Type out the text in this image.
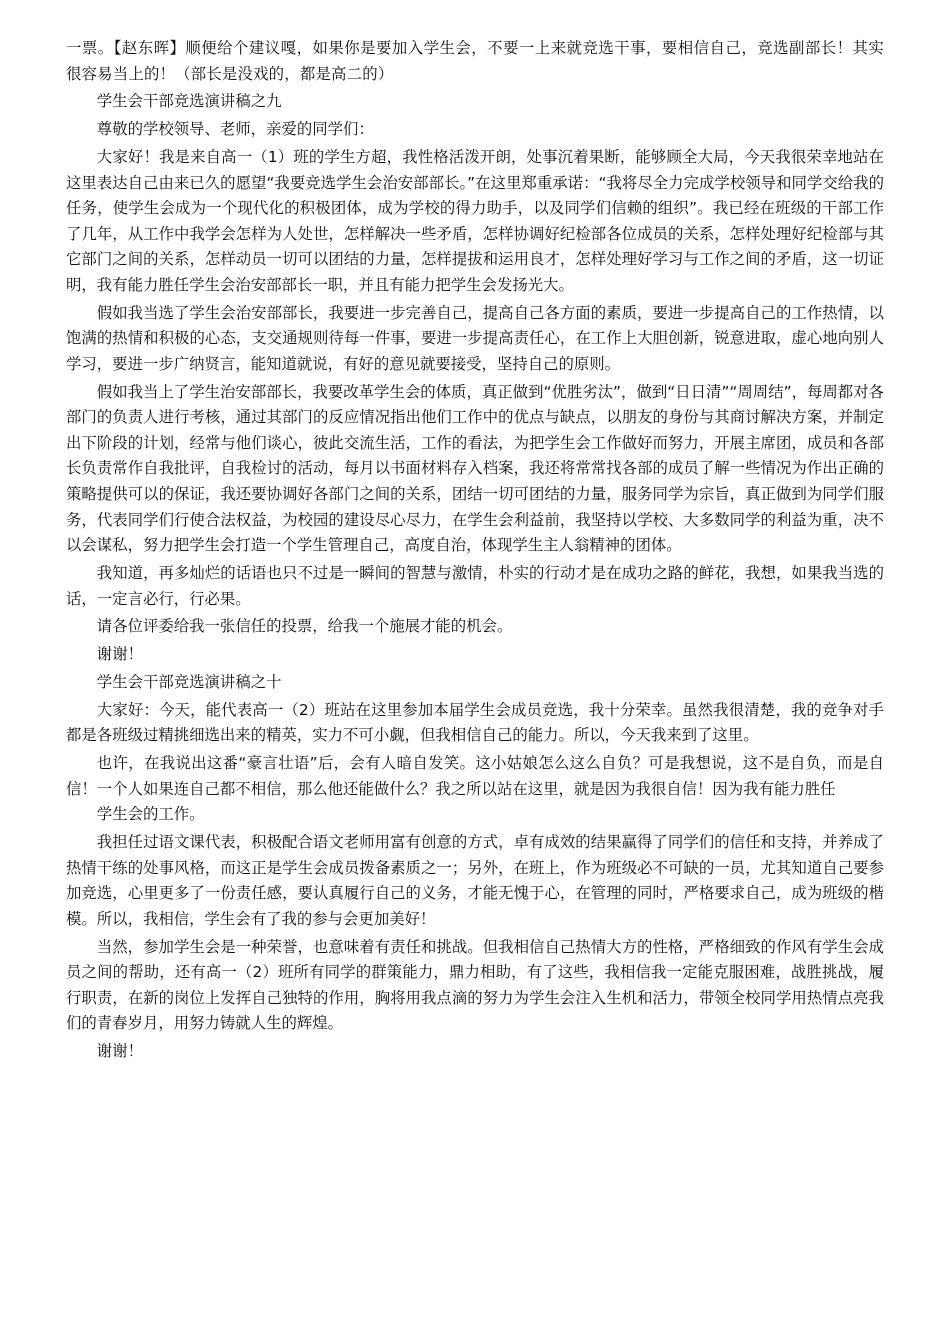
一票。【赵东晖】顺便给个建议嘎，如果你是要加入学生会，不要一上来就竞选干事，要相信自己，竞选副部长！其实很容易当上的！（部长是没戏的，都是高二的）

学生会干部竞选演讲稿之九

尊敬的学校领导、老师，亲爱的同学们：

大家好！我是来自高一（1）班的学生方超，我性格活泼开朗，处事沉着果断，能够顾全大局，今天我很荣幸地站在这里表达自己由来已久的愿望“我要竞选学生会治安部部长。”在这里郑重承诺：“我将尽全力完成学校领导和同学交给我的任务，使学生会成为一个现代化的积极团体，成为学校的得力助手，以及同学们信赖的组织”。我已经在班级的干部工作了几年，从工作中我学会怎样为人处世，怎样解决一些矛盾，怎样协调好纪检部各位成员的关系，怎样处理好纪检部与其它部门之间的关系，怎样动员一切可以团结的力量，怎样提拔和运用良才，怎样处理好学习与工作之间的矛盾，这一切证明，我有能力胜任学生会治安部部长一职，并且有能力把学生会发扬光大。

假如我当选了学生会治安部部长，我要进一步完善自己，提高自己各方面的素质，要进一步提高自己的工作热情，以饱满的热情和积极的心态，支交通规则待每一件事，要进一步提高责任心，在工作上大胆创新，锐意进取，虚心地向别人学习，要进一步广纳贤言，能知道就说，有好的意见就要接受，坚持自己的原则。

假如我当上了学生治安部部长，我要改革学生会的体质，真正做到“优胜劣汰”，做到“日日清”“周周结”，每周都对各部门的负责人进行考核，通过其部门的反应情况指出他们工作中的优点与缺点，以朋友的身份与其商讨解决方案，并制定出下阶段的计划，经常与他们谈心，彼此交流生活，工作的看法，为把学生会工作做好而努力，开展主席团，成员和各部长负责常作自我批评，自我检讨的活动，每月以书面材料存入档案，我还将常常找各部的成员了解一些情况为作出正确的策略提供可以的保证，我还要协调好各部门之间的关系，团结一切可团结的力量，服务同学为宗旨，真正做到为同学们服务，代表同学们行使合法权益，为校园的建设尽心尽力，在学生会利益前，我坚持以学校、大多数同学的利益为重，决不以会谋私，努力把学生会打造一个学生管理自己，高度自治，体现学生主人翁精神的团体。

我知道，再多灿烂的话语也只不过是一瞬间的智慧与激情，朴实的行动才是在成功之路的鲜花，我想，如果我当选的话，一定言必行，行必果。

请各位评委给我一张信任的投票，给我一个施展才能的机会。

谢谢！

学生会干部竞选演讲稿之十

大家好：今天，能代表高一（2）班站在这里参加本届学生会成员竞选，我十分荣幸。虽然我很清楚，我的竞争对手都是各班级过精挑细选出来的精英，实力不可小觑，但我相信自己的能力。所以，今天我来到了这里。

也许，在我说出这番“豪言壮语”后，会有人暗自发笑。这小姑娘怎么这么自负？可是我想说，这不是自负，而是自信！一个人如果连自己都不相信，那么他还能做什么？我之所以站在这里，就是因为我很自信！因为我有能力胜任

学生会的工作。

我担任过语文课代表，积极配合语文老师用富有创意的方式，卓有成效的结果赢得了同学们的信任和支持，并养成了热情干练的处事风格，而这正是学生会成员拨备素质之一；另外，在班上，作为班级必不可缺的一员，尤其知道自己要参加竞选，心里更多了一份责任感，要认真履行自己的义务，才能无愧于心，在管理的同时，严格要求自己，成为班级的楷模。所以，我相信，学生会有了我的参与会更加美好！

当然，参加学生会是一种荣誉，也意味着有责任和挑战。但我相信自己热情大方的性格，严格细致的作风有学生会成员之间的帮助，还有高一（2）班所有同学的群策能力，鼎力相助，有了这些，我相信我一定能克服困难，战胜挑战，履行职责，在新的岗位上发挥自己独特的作用，胸将用我点滴的努力为学生会注入生机和活力，带领全校同学用热情点亮我们的青春岁月，用努力铸就人生的辉煌。

谢谢！
